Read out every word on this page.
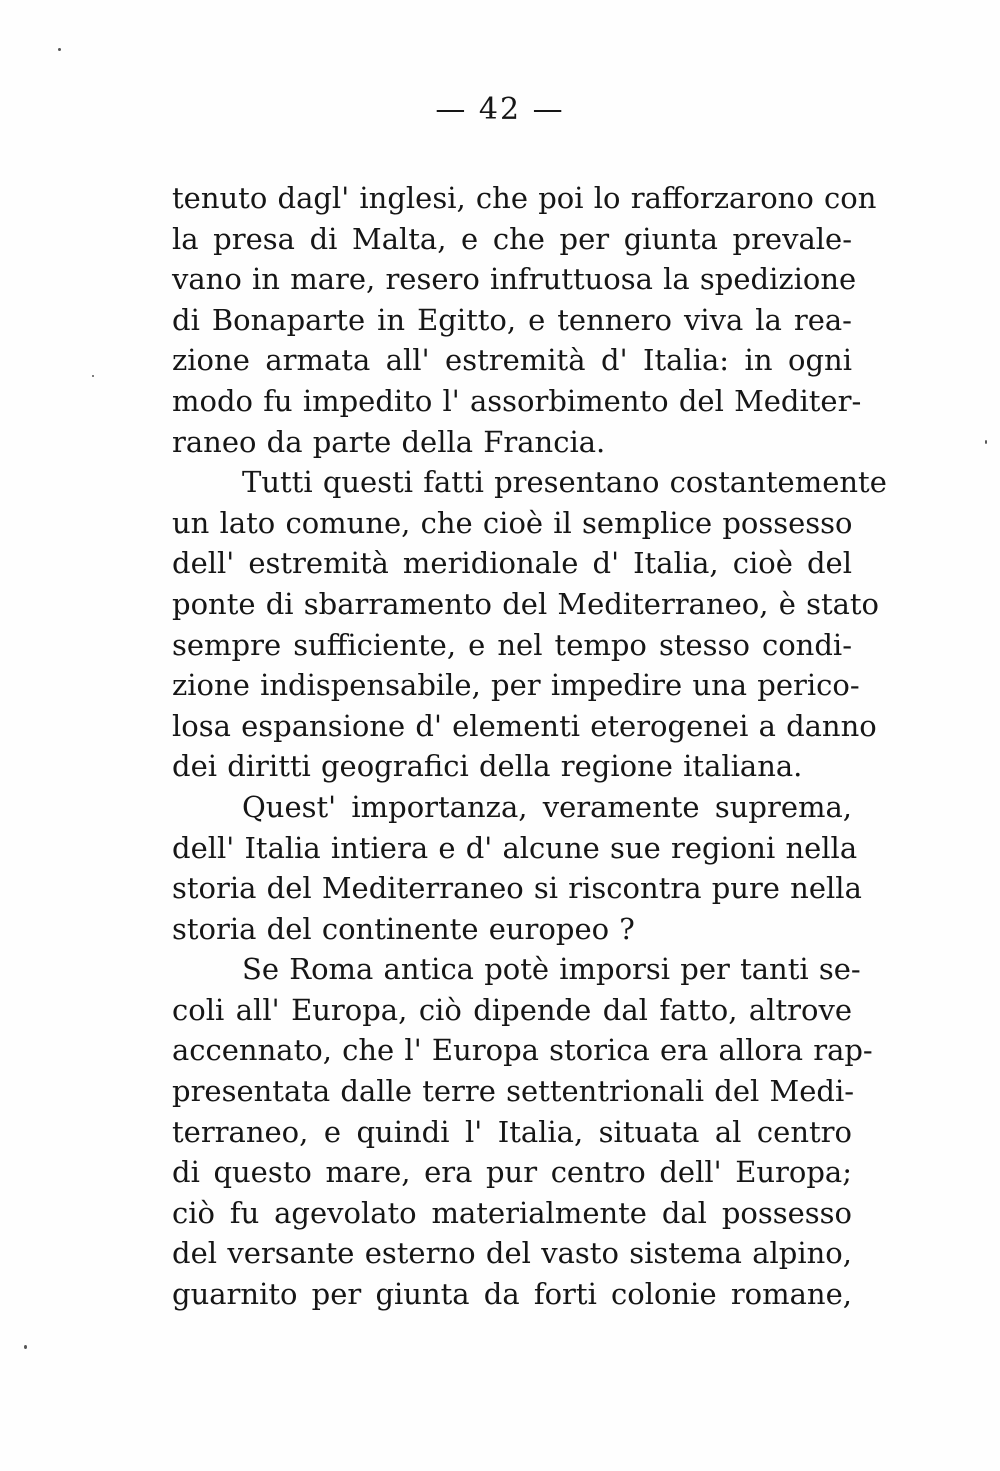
— 42 —
tenuto dagl' inglesi, che poi lo rafforzarono con
la presa di Malta, e che per giunta prevale-
vano in mare, resero infruttuosa la spedizione
di Bonaparte in Egitto, e tennero viva la rea-
zione armata all' estremità d' Italia: in ogni
modo fu impedito l' assorbimento del Mediter-
raneo da parte della Francia.
Tutti questi fatti presentano costantemente
un lato comune, che cioè il semplice possesso
dell' estremità meridionale d' Italia, cioè del
ponte di sbarramento del Mediterraneo, è stato
sempre sufficiente, e nel tempo stesso condi-
zione indispensabile, per impedire una perico-
losa espansione d' elementi eterogenei a danno
dei diritti geografici della regione italiana.
Quest' importanza, veramente suprema,
dell' Italia intiera e d' alcune sue regioni nella
storia del Mediterraneo si riscontra pure nella
storia del continente europeo ?
Se Roma antica potè imporsi per tanti se-
coli all' Europa, ciò dipende dal fatto, altrove
accennato, che l' Europa storica era allora rap-
presentata dalle terre settentrionali del Medi-
terraneo, e quindi l' Italia, situata al centro
di questo mare, era pur centro dell' Europa;
ciò fu agevolato materialmente dal possesso
del versante esterno del vasto sistema alpino,
guarnito per giunta da forti colonie romane,
